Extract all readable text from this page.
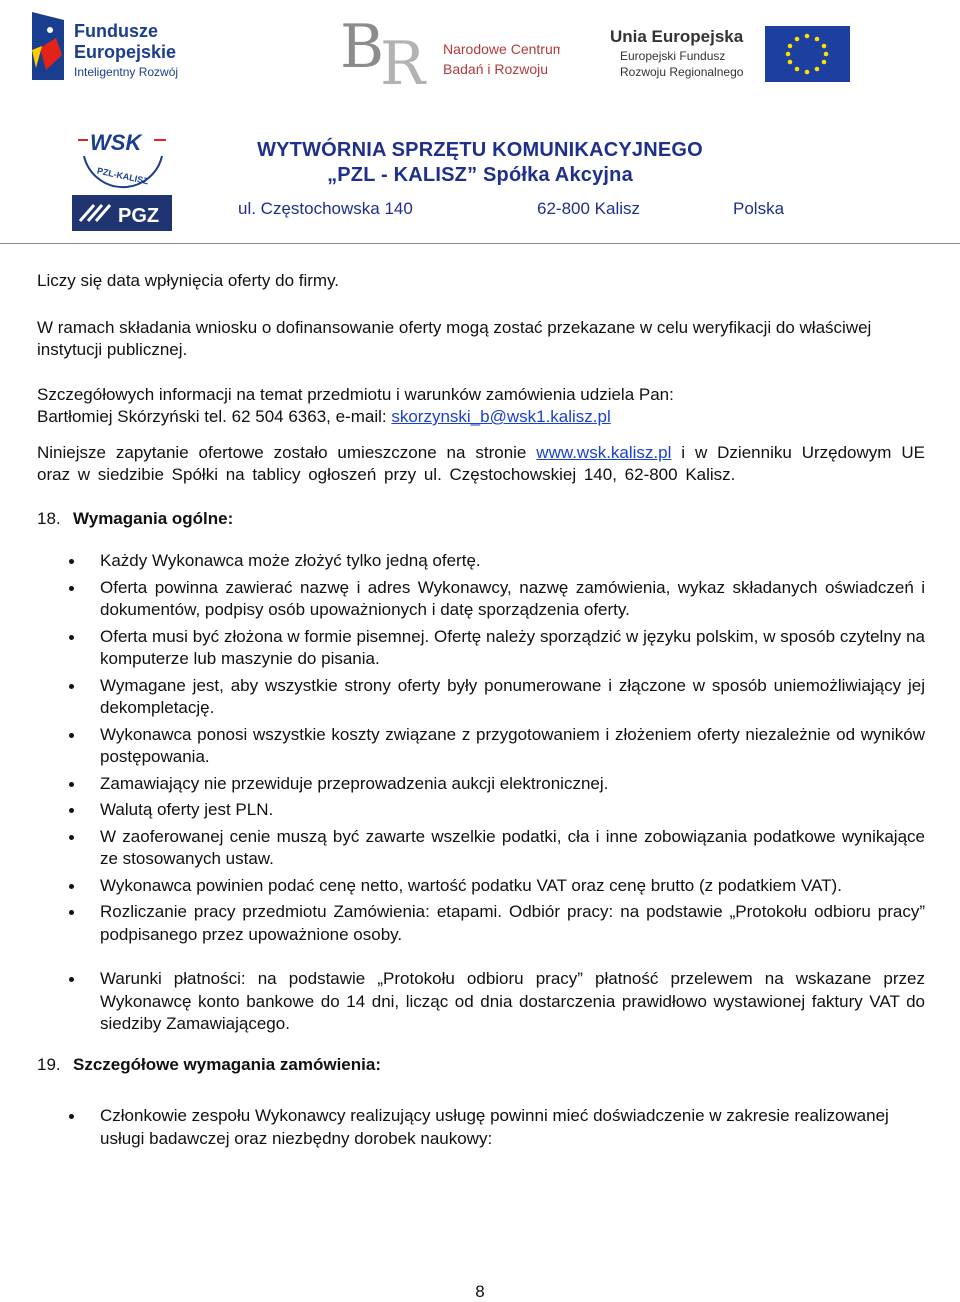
Fundusze
Europejskie
Inteligentny Rozwój	B
R Narodowe Centrum
Badań i Rozwoju
Unia Europejska
Europejski Fundusz
Rozwoju Regionalnego
WSK
PZL-KALISZ
PGZ
WYTWÓRNIA SPRZĘTU KOMUNIKACYJNEGO
„PZL - KALISZ” Spółka Akcyjna
ul. Częstochowska 140	62-800 Kalisz	Polska

Liczy się data wpłynięcia oferty do firmy.

W ramach składania wniosku o dofinansowanie oferty mogą zostać przekazane w celu weryfikacji do właściwej instytucji publicznej.

Szczegółowych informacji na temat przedmiotu i warunków zamówienia udziela Pan:
Bartłomiej Skórzyński tel. 62 504 6363, e-mail: skorzynski_b@wsk1.kalisz.pl

Niniejsze zapytanie ofertowe zostało umieszczone na stronie www.wsk.kalisz.pl i w Dzienniku Urzędowym UE oraz w siedzibie Spółki na tablicy ogłoszeń przy ul. Częstochowskiej 140, 62-800 Kalisz.

18. Wymagania ogólne:

Każdy Wykonawca może złożyć tylko jedną ofertę.
Oferta powinna zawierać nazwę i adres Wykonawcy, nazwę zamówienia, wykaz składanych oświadczeń i dokumentów, podpisy osób upoważnionych i datę sporządzenia oferty.
Oferta musi być złożona w formie pisemnej. Ofertę należy sporządzić w języku polskim, w sposób czytelny na komputerze lub maszynie do pisania.
Wymagane jest, aby wszystkie strony oferty były ponumerowane i złączone w sposób uniemożliwiający jej dekompletację.
Wykonawca ponosi wszystkie koszty związane z przygotowaniem i złożeniem oferty niezależnie od wyników postępowania.
Zamawiający nie przewiduje przeprowadzenia aukcji elektronicznej.
Walutą oferty jest PLN.
W zaoferowanej cenie muszą być zawarte wszelkie podatki, cła i inne zobowiązania podatkowe wynikające ze stosowanych ustaw.
Wykonawca powinien podać cenę netto, wartość podatku VAT oraz cenę brutto (z podatkiem VAT).
Rozliczanie pracy przedmiotu Zamówienia: etapami. Odbiór pracy: na podstawie „Protokołu odbioru pracy” podpisanego przez upoważnione osoby.
Warunki płatności: na podstawie „Protokołu odbioru pracy” płatność przelewem na wskazane przez Wykonawcę konto bankowe do 14 dni, licząc od dnia dostarczenia prawidłowo wystawionej faktury VAT do siedziby Zamawiającego.

19. Szczegółowe wymagania zamówienia:

Członkowie zespołu Wykonawcy realizujący usługę powinni mieć doświadczenie w zakresie realizowanej usługi badawczej oraz niezbędny dorobek naukowy:
8
